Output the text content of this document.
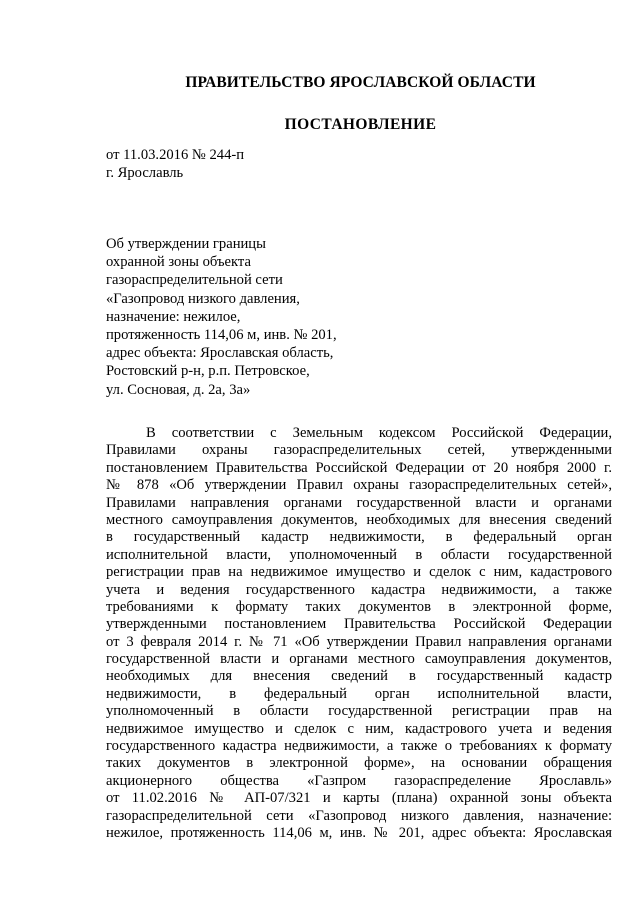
ПРАВИТЕЛЬСТВО ЯРОСЛАВСКОЙ ОБЛАСТИ
ПОСТАНОВЛЕНИЕ
от 11.03.2016 № 244-п
г. Ярославль
Об утверждении границы
охранной зоны объекта
газораспределительной сети
«Газопровод низкого давления,
назначение: нежилое,
протяженность 114,06 м, инв. № 201,
адрес объекта: Ярославская область,
Ростовский р-н, р.п. Петровское,
ул. Сосновая, д. 2а, 3а»
В соответствии с Земельным кодексом Российской Федерации,
Правилами охраны газораспределительных сетей, утвержденными
постановлением Правительства Российской Федерации от 20 ноября 2000 г.
№ 878 «Об утверждении Правил охраны газораспределительных сетей»,
Правилами направления органами государственной власти и органами
местного самоуправления документов, необходимых для внесения сведений
в государственный кадастр недвижимости, в федеральный орган
исполнительной власти, уполномоченный в области государственной
регистрации прав на недвижимое имущество и сделок с ним, кадастрового
учета и ведения государственного кадастра недвижимости, а также
требованиями к формату таких документов в электронной форме,
утвержденными постановлением Правительства Российской Федерации
от 3 февраля 2014 г. № 71 «Об утверждении Правил направления органами
государственной власти и органами местного самоуправления документов,
необходимых для внесения сведений в государственный кадастр
недвижимости, в федеральный орган исполнительной власти,
уполномоченный в области государственной регистрации прав на
недвижимое имущество и сделок с ним, кадастрового учета и ведения
государственного кадастра недвижимости, а также о требованиях к формату
таких документов в электронной форме», на основании обращения
акционерного общества «Газпром газораспределение Ярославль»
от 11.02.2016 № АП-07/321 и карты (плана) охранной зоны объекта
газораспределительной сети «Газопровод низкого давления, назначение:
нежилое, протяженность 114,06 м, инв. № 201, адрес объекта: Ярославская
